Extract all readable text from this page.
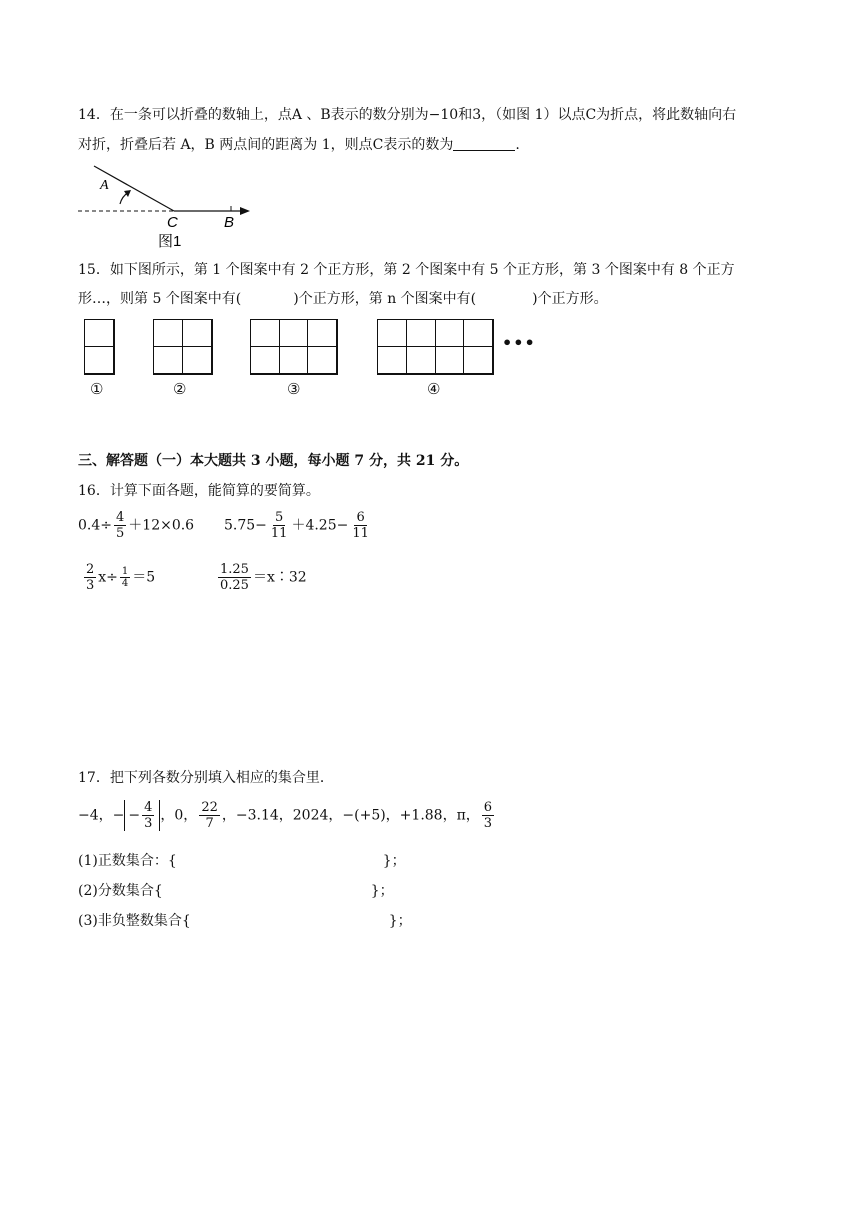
14．在一条可以折叠的数轴上，点A 、B表示的数分别为−10和3，（如图 1）以点C为折点，将此数轴向右
对折，折叠后若 A，B 两点间的距离为 1，则点C表示的数为	.
A
C	B
图1
15．如下图所示，第 1 个图案中有 2 个正方形，第 2 个图案中有 5 个正方形，第 3 个图案中有 8 个正方
形…，则第 5 个图案中有(	)个正方形，第 n 个图案中有(	)个正方形。
•••
①	②	③	④
三、解答题（一）本大题共 3 小题，每小题 7 分，共 21 分。
16．计算下面各题，能简算的要简算。
$0.4\div \frac{4}{5} +12\times 0.6$ $5.75- \frac{5}{11} +4.25- \frac{6}{11}$
$\frac{2}{3} x\div \frac{1}{4} =5$	$\frac{1.25}{0.25}$ ＝x∶32
17．把下列各数分别填入相应的集合里．
−4，− − $\frac{4}{3}$ ，0， $\frac{22}{7}$ ，−3.14，2024，−(+5)，+1.88，π， $\frac{6}{3}$
(1)正数集合：{	}；
(2)分数集合{	}；
(3)非负整数集合{	}；
